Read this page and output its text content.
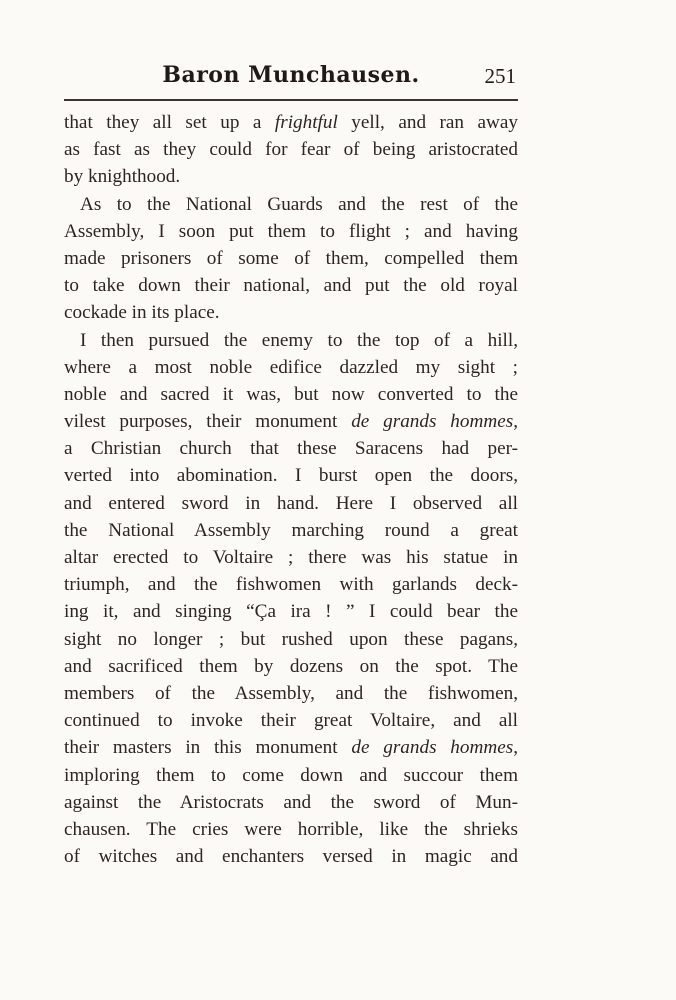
Baron Munchausen.	251
that they all set up a frightful yell, and ran away
as fast as they could for fear of being aristocrated
by knighthood.
As to the National Guards and the rest of the
Assembly, I soon put them to flight ; and having
made prisoners of some of them, compelled them
to take down their national, and put the old royal
cockade in its place.
I then pursued the enemy to the top of a hill,
where a most noble edifice dazzled my sight ;
noble and sacred it was, but now converted to the
vilest purposes, their monument de grands hommes,
a Christian church that these Saracens had per-
verted into abomination. I burst open the doors,
and entered sword in hand. Here I observed all
the National Assembly marching round a great
altar erected to Voltaire ; there was his statue in
triumph, and the fishwomen with garlands deck-
ing it, and singing “Ça ira ! ” I could bear the
sight no longer ; but rushed upon these pagans,
and sacrificed them by dozens on the spot. The
members of the Assembly, and the fishwomen,
continued to invoke their great Voltaire, and all
their masters in this monument de grands hommes,
imploring them to come down and succour them
against the Aristocrats and the sword of Mun-
chausen. The cries were horrible, like the shrieks
of witches and enchanters versed in magic and
